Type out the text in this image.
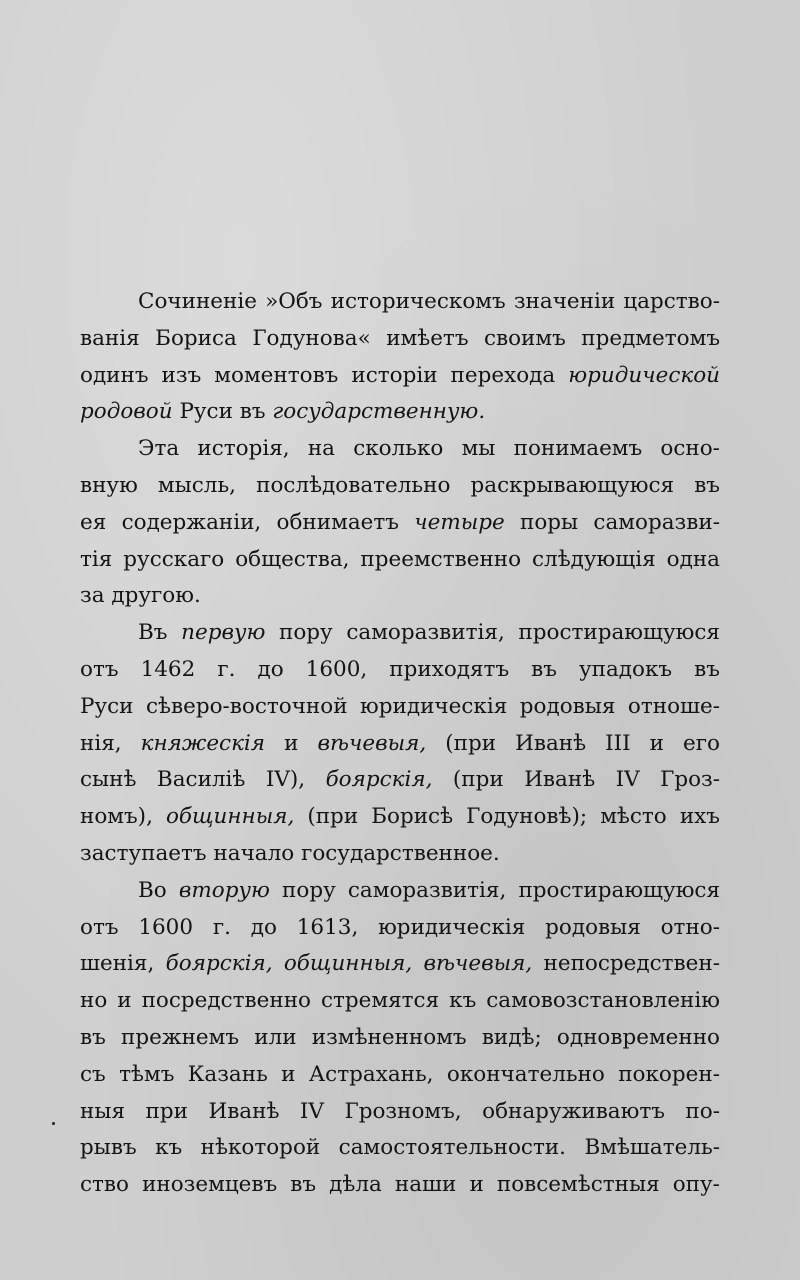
Сочиненіе »Объ историческомъ значеніи царство-
ванія Бориса Годунова« имѣетъ своимъ предметомъ
одинъ изъ моментовъ исторіи перехода юридической
родовой Руси въ государственную.
Эта исторія, на сколько мы понимаемъ осно-
вную мысль, послѣдовательно раскрывающуюся въ
ея содержаніи, обнимаетъ четыре поры саморазви-
тія русскаго общества, преемственно слѣдующія одна
за другою.
Въ первую пору саморазвитія, простирающуюся
отъ 1462 г. до 1600, приходятъ въ упадокъ въ
Руси сѣверо-восточной юридическія родовыя отноше-
нія, княжескія и вѣчевыя, (при Иванѣ III и его
сынѣ Василіѣ IV), боярскія, (при Иванѣ IV Гроз-
номъ), общинныя, (при Борисѣ Годуновѣ); мѣсто ихъ
заступаетъ начало государственное.
Во вторую пору саморазвитія, простирающуюся
отъ 1600 г. до 1613, юридическія родовыя отно-
шенія, боярскія, общинныя, вѣчевыя, непосредствен-
но и посредственно стремятся къ самовозстановленію
въ прежнемъ или измѣненномъ видѣ; одновременно
съ тѣмъ Казань и Астрахань, окончательно покорен-
ныя при Иванѣ IV Грозномъ, обнаруживаютъ по-
рывъ къ нѣкоторой самостоятельности. Вмѣшатель-
ство иноземцевъ въ дѣла наши и повсемѣстныя опу-
